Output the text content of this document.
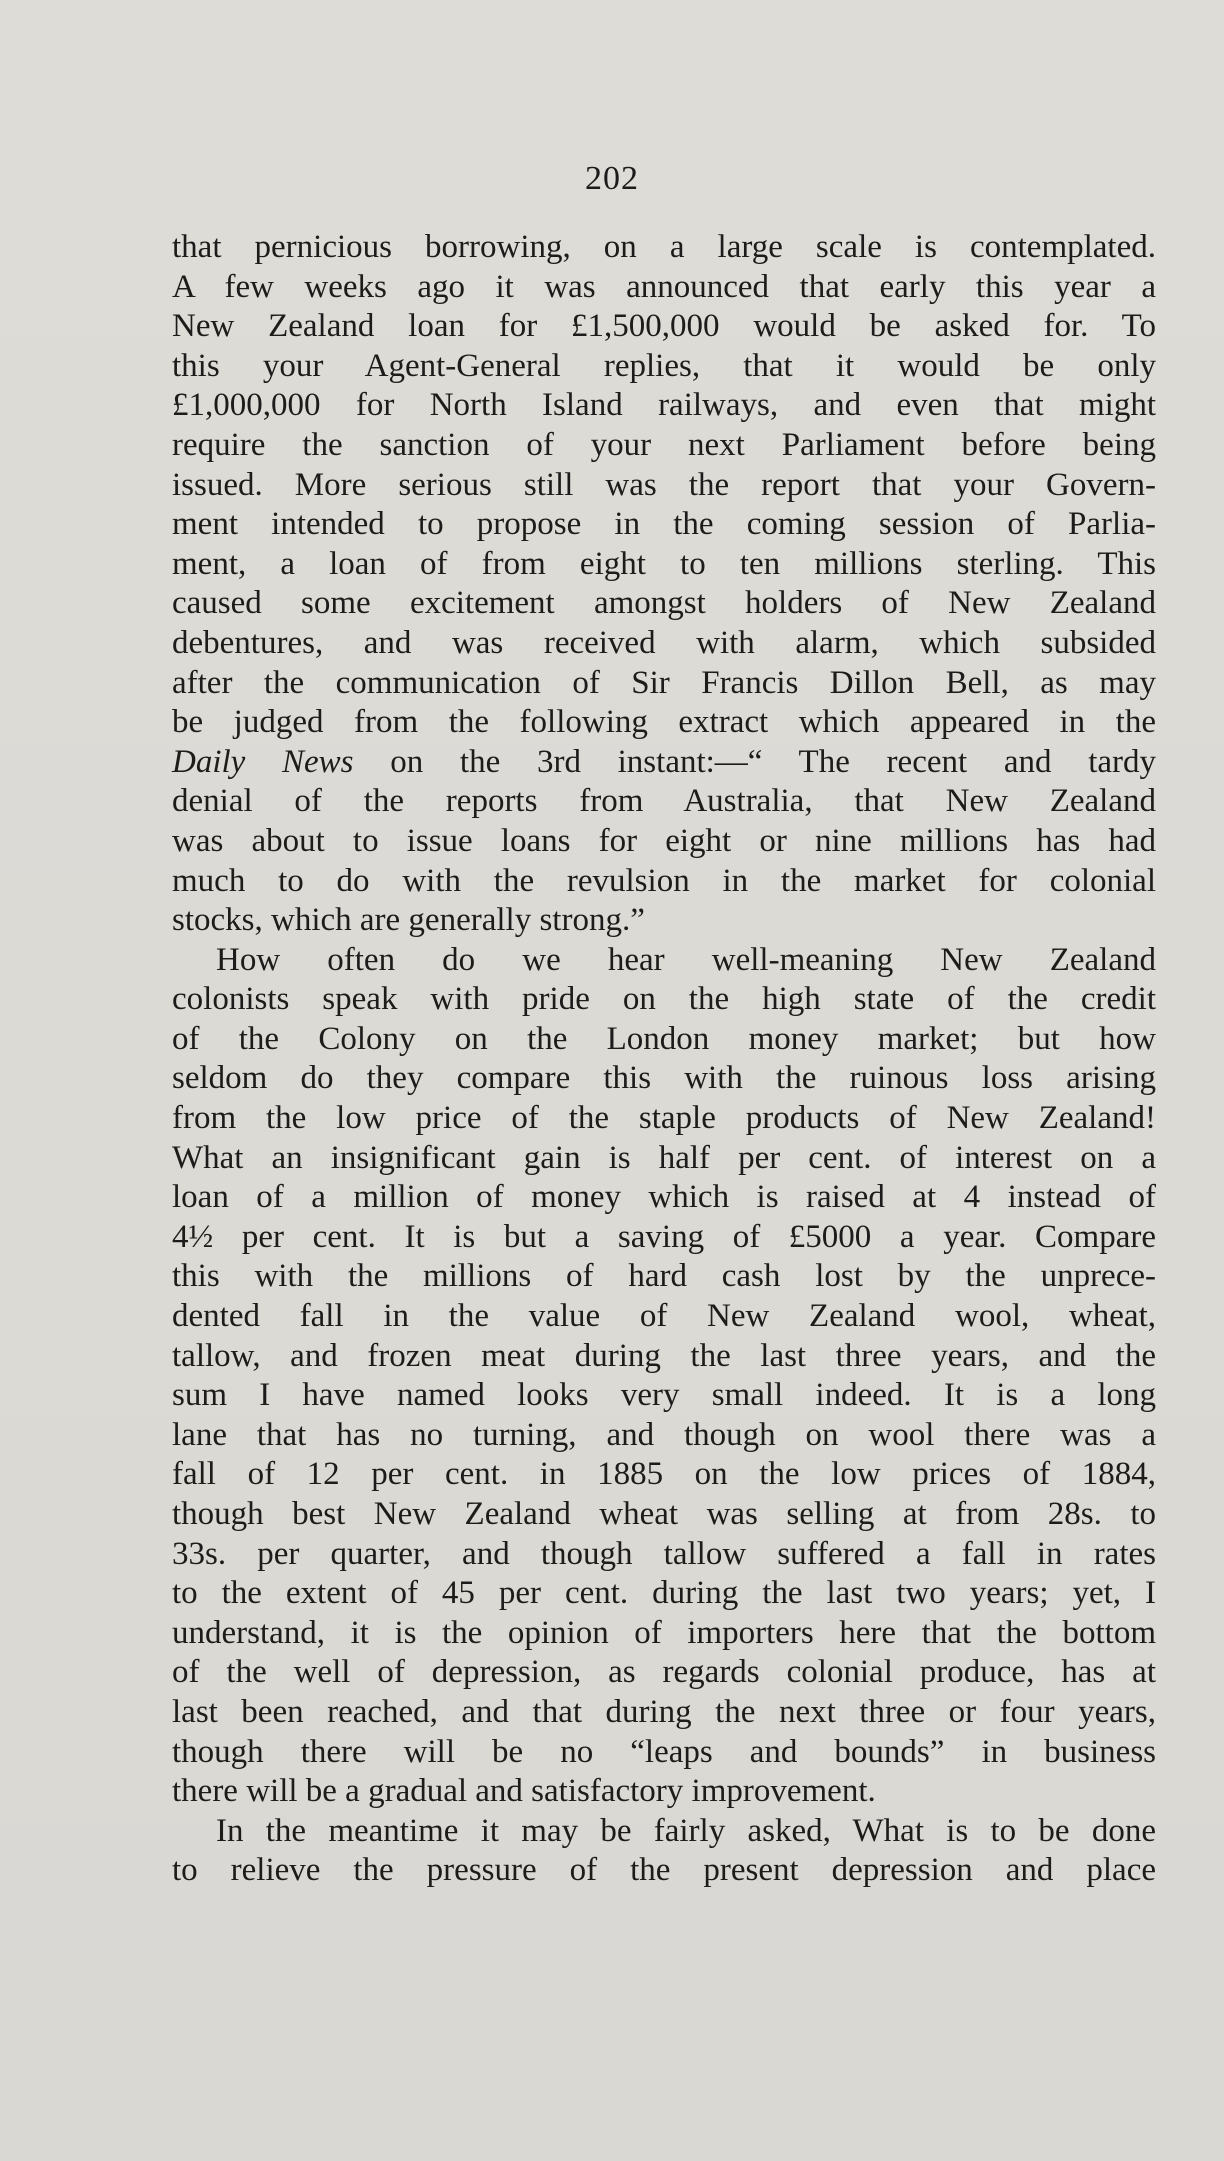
202
that pernicious borrowing, on a large scale is contemplated.
A few weeks ago it was announced that early this year a
New Zealand loan for £1,500,000 would be asked for. To
this your Agent-General replies, that it would be only
£1,000,000 for North Island railways, and even that might
require the sanction of your next Parliament before being
issued. More serious still was the report that your Govern-
ment intended to propose in the coming session of Parlia-
ment, a loan of from eight to ten millions sterling. This
caused some excitement amongst holders of New Zealand
debentures, and was received with alarm, which subsided
after the communication of Sir Francis Dillon Bell, as may
be judged from the following extract which appeared in the
Daily News on the 3rd instant:—“ The recent and tardy
denial of the reports from Australia, that New Zealand
was about to issue loans for eight or nine millions has had
much to do with the revulsion in the market for colonial
stocks, which are generally strong.”
How often do we hear well-meaning New Zealand
colonists speak with pride on the high state of the credit
of the Colony on the London money market; but how
seldom do they compare this with the ruinous loss arising
from the low price of the staple products of New Zealand!
What an insignificant gain is half per cent. of interest on a
loan of a million of money which is raised at 4 instead of
4½ per cent. It is but a saving of £5000 a year. Compare
this with the millions of hard cash lost by the unprece-
dented fall in the value of New Zealand wool, wheat,
tallow, and frozen meat during the last three years, and the
sum I have named looks very small indeed. It is a long
lane that has no turning, and though on wool there was a
fall of 12 per cent. in 1885 on the low prices of 1884,
though best New Zealand wheat was selling at from 28s. to
33s. per quarter, and though tallow suffered a fall in rates
to the extent of 45 per cent. during the last two years; yet, I
understand, it is the opinion of importers here that the bottom
of the well of depression, as regards colonial produce, has at
last been reached, and that during the next three or four years,
though there will be no “leaps and bounds” in business
there will be a gradual and satisfactory improvement.
In the meantime it may be fairly asked, What is to be done
to relieve the pressure of the present depression and place
